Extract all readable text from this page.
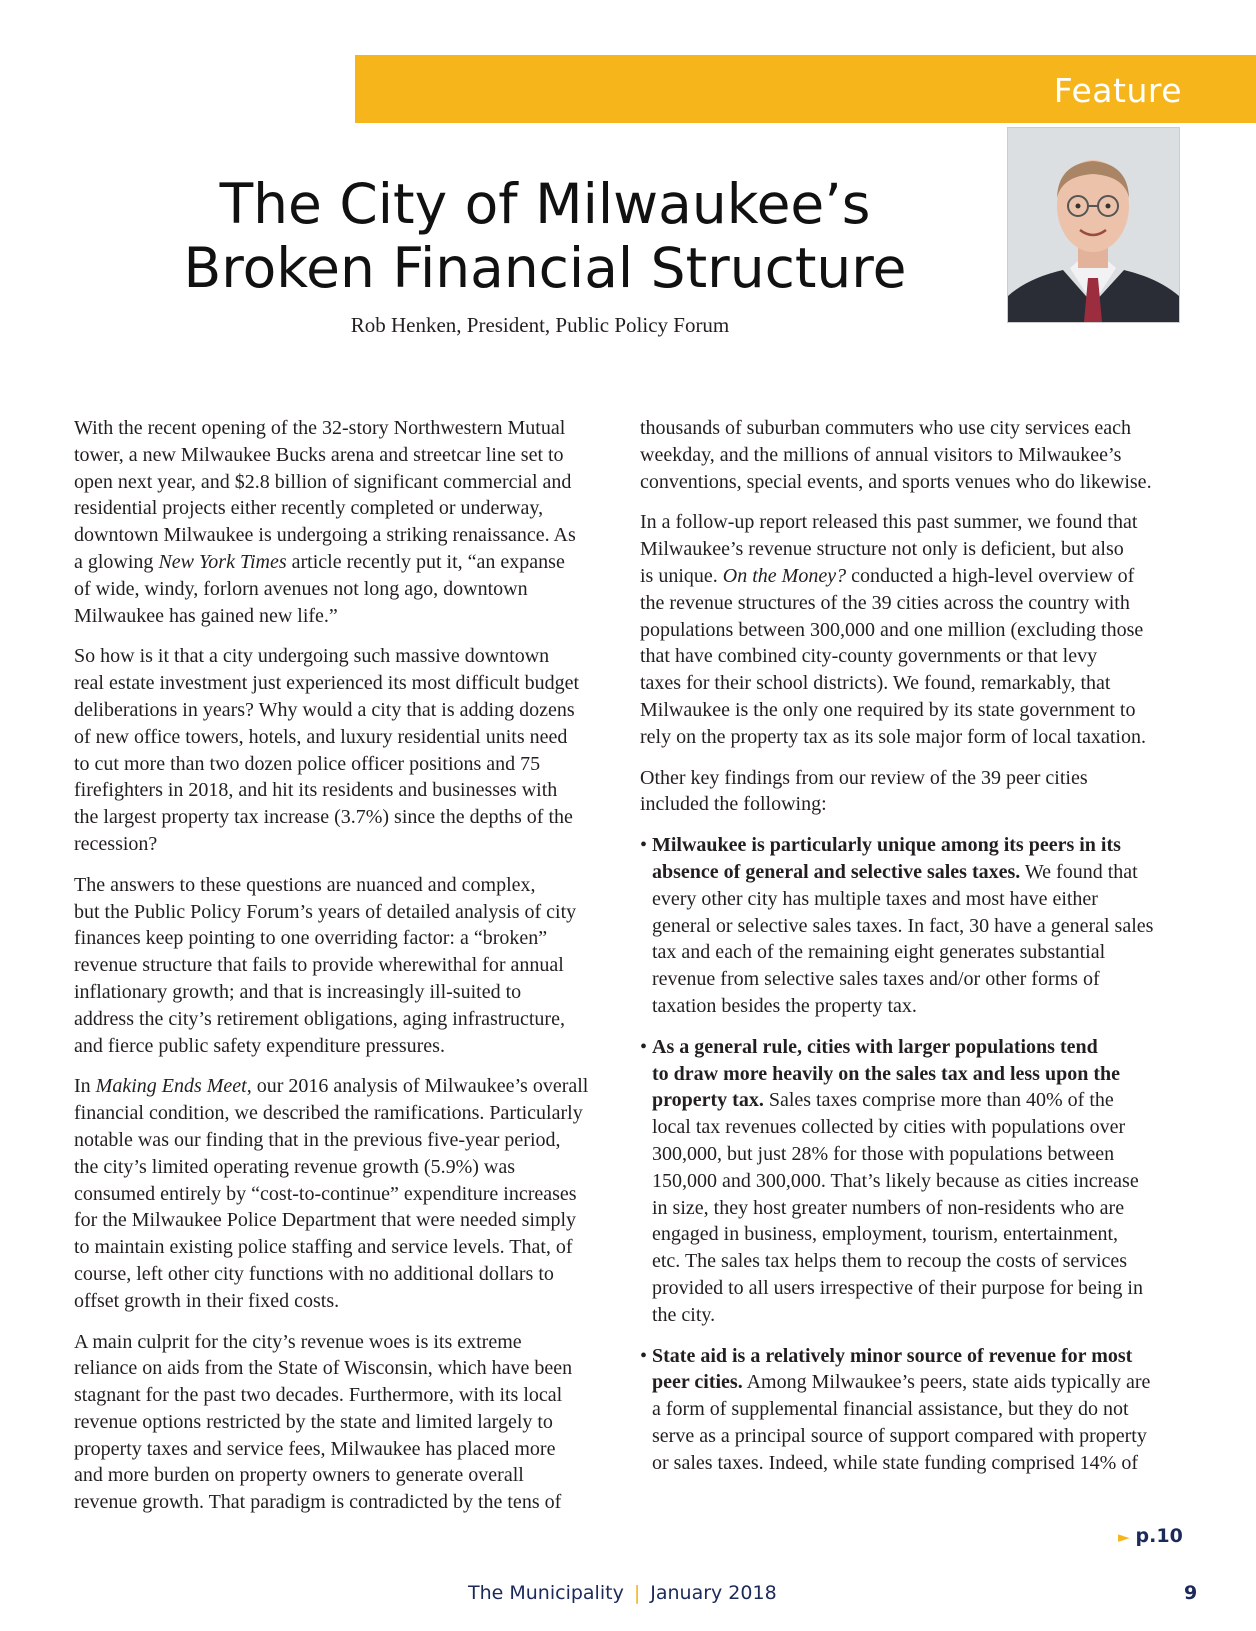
Feature
The City of Milwaukee’s
Broken Financial Structure
Rob Henken, President, Public Policy Forum

With the recent opening of the 32-story Northwestern Mutual
tower, a new Milwaukee Bucks arena and streetcar line set to
open next year, and $2.8 billion of significant commercial and
residential projects either recently completed or underway,
downtown Milwaukee is undergoing a striking renaissance. As
a glowing New York Times article recently put it, “an expanse
of wide, windy, forlorn avenues not long ago, downtown
Milwaukee has gained new life.”

So how is it that a city undergoing such massive downtown
real estate investment just experienced its most difficult budget
deliberations in years? Why would a city that is adding dozens
of new office towers, hotels, and luxury residential units need
to cut more than two dozen police officer positions and 75
firefighters in 2018, and hit its residents and businesses with
the largest property tax increase (3.7%) since the depths of the
recession?

The answers to these questions are nuanced and complex,
but the Public Policy Forum’s years of detailed analysis of city
finances keep pointing to one overriding factor: a “broken”
revenue structure that fails to provide wherewithal for annual
inflationary growth; and that is increasingly ill-suited to
address the city’s retirement obligations, aging infrastructure,
and fierce public safety expenditure pressures.

In Making Ends Meet, our 2016 analysis of Milwaukee’s overall
financial condition, we described the ramifications. Particularly
notable was our finding that in the previous five-year period,
the city’s limited operating revenue growth (5.9%) was
consumed entirely by “cost-to-continue” expenditure increases
for the Milwaukee Police Department that were needed simply
to maintain existing police staffing and service levels. That, of
course, left other city functions with no additional dollars to
offset growth in their fixed costs.

A main culprit for the city’s revenue woes is its extreme
reliance on aids from the State of Wisconsin, which have been
stagnant for the past two decades. Furthermore, with its local
revenue options restricted by the state and limited largely to
property taxes and service fees, Milwaukee has placed more
and more burden on property owners to generate overall
revenue growth. That paradigm is contradicted by the tens of

thousands of suburban commuters who use city services each
weekday, and the millions of annual visitors to Milwaukee’s
conventions, special events, and sports venues who do likewise.

In a follow-up report released this past summer, we found that
Milwaukee’s revenue structure not only is deficient, but also
is unique. On the Money? conducted a high-level overview of
the revenue structures of the 39 cities across the country with
populations between 300,000 and one million (excluding those
that have combined city-county governments or that levy
taxes for their school districts). We found, remarkably, that
Milwaukee is the only one required by its state government to
rely on the property tax as its sole major form of local taxation.

Other key findings from our review of the 39 peer cities
included the following:

• Milwaukee is particularly unique among its peers in its
absence of general and selective sales taxes. We found that
every other city has multiple taxes and most have either
general or selective sales taxes. In fact, 30 have a general sales
tax and each of the remaining eight generates substantial
revenue from selective sales taxes and/or other forms of
taxation besides the property tax.
• As a general rule, cities with larger populations tend
to draw more heavily on the sales tax and less upon the
property tax. Sales taxes comprise more than 40% of the
local tax revenues collected by cities with populations over
300,000, but just 28% for those with populations between
150,000 and 300,000. That’s likely because as cities increase
in size, they host greater numbers of non-residents who are
engaged in business, employment, tourism, entertainment,
etc. The sales tax helps them to recoup the costs of services
provided to all users irrespective of their purpose for being in
the city.
• State aid is a relatively minor source of revenue for most
peer cities. Among Milwaukee’s peers, state aids typically are
a form of supplemental financial assistance, but they do not
serve as a principal source of support compared with property
or sales taxes. Indeed, while state funding comprised 14% of
► p.10
The Municipality | January 2018	9
